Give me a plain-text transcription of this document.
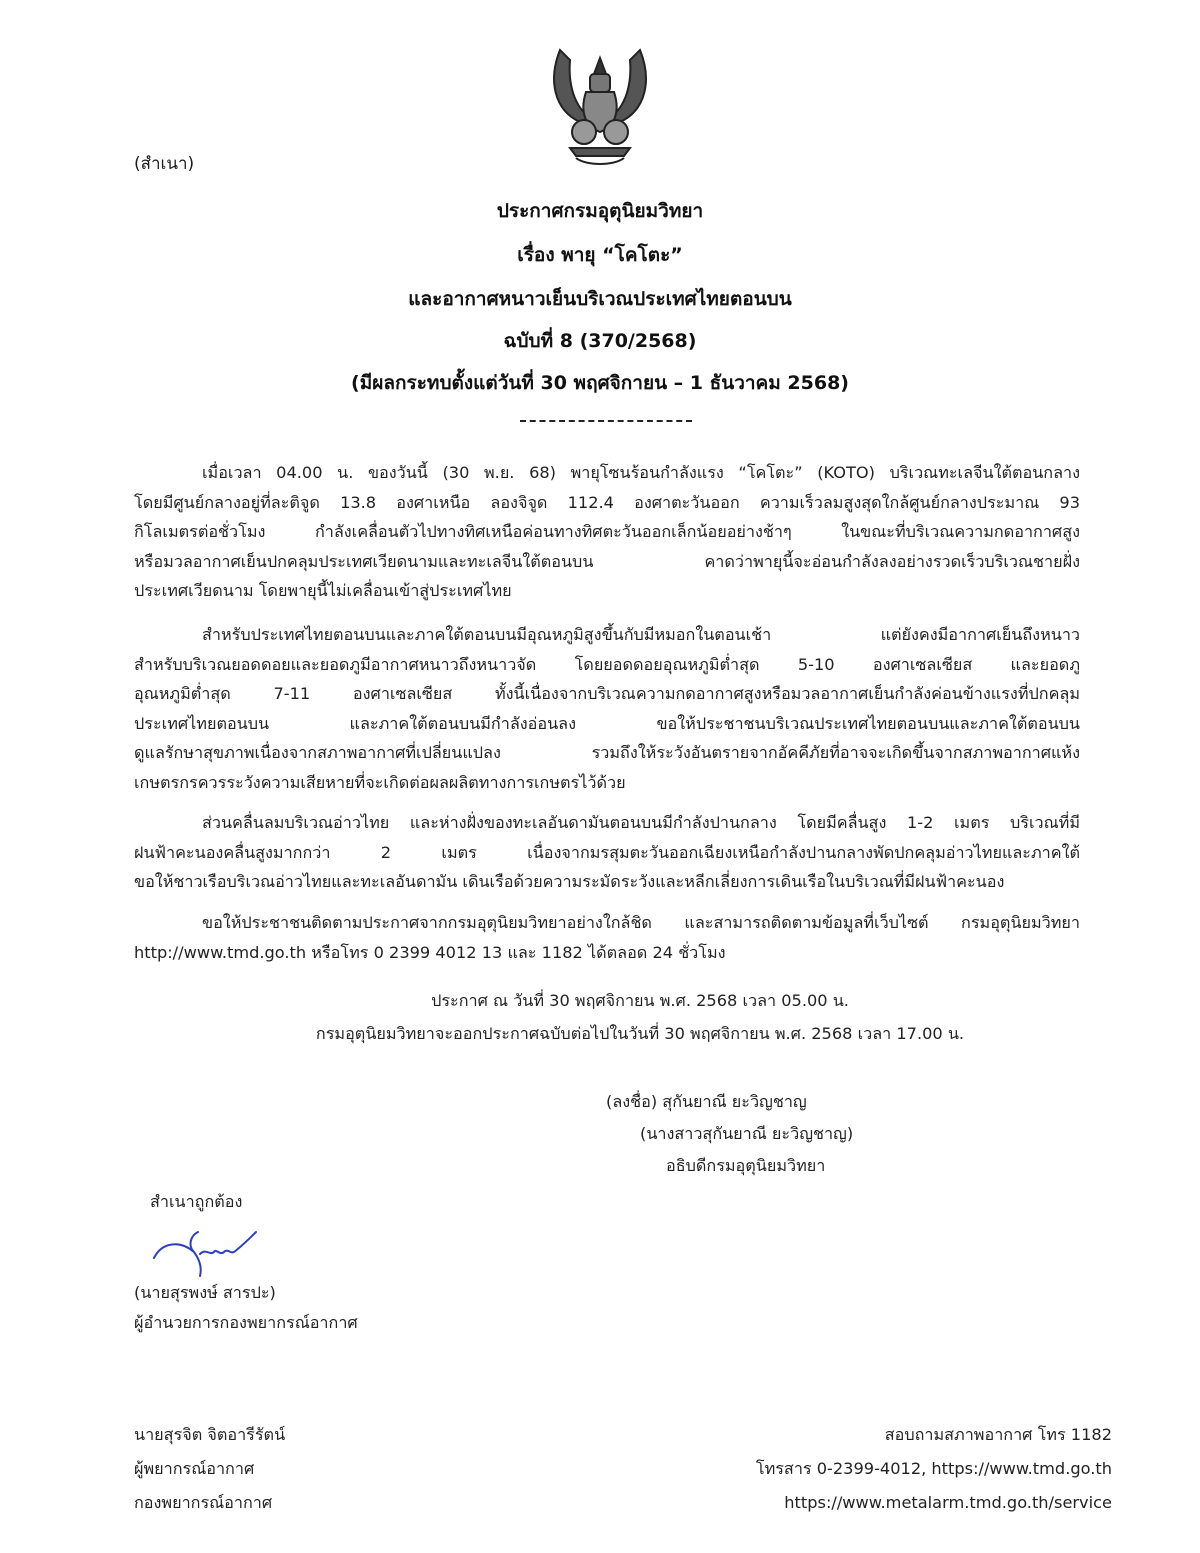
(สำเนา)
ประกาศกรมอุตุนิยมวิทยา
เรื่อง พายุ “โคโตะ”
และอากาศหนาวเย็นบริเวณประเทศไทยตอนบน
ฉบับที่ 8 (370/2568)
(มีผลกระทบตั้งแต่วันที่ 30 พฤศจิกายน – 1 ธันวาคม 2568)
เมื่อเวลา 04.00 น. ของวันนี้ (30 พ.ย. 68) พายุโซนร้อนกำลังแรง “โคโตะ” (KOTO) บริเวณทะเลจีนใต้ตอนกลาง
โดยมีศูนย์กลางอยู่ที่ละติจูด 13.8 องศาเหนือ ลองจิจูด 112.4 องศาตะวันออก ความเร็วลมสูงสุดใกล้ศูนย์กลางประมาณ 93
กิโลเมตรต่อชั่วโมง กำลังเคลื่อนตัวไปทางทิศเหนือค่อนทางทิศตะวันออกเล็กน้อยอย่างช้าๆ ในขณะที่บริเวณความกดอากาศสูง
หรือมวลอากาศเย็นปกคลุมประเทศเวียดนามและทะเลจีนใต้ตอนบน คาดว่าพายุนี้จะอ่อนกำลังลงอย่างรวดเร็วบริเวณชายฝั่ง
ประเทศเวียดนาม โดยพายุนี้ไม่เคลื่อนเข้าสู่ประเทศไทย
สำหรับประเทศไทยตอนบนและภาคใต้ตอนบนมีอุณหภูมิสูงขึ้นกับมีหมอกในตอนเช้า แต่ยังคงมีอากาศเย็นถึงหนาว
สำหรับบริเวณยอดดอยและยอดภูมีอากาศหนาวถึงหนาวจัด โดยยอดดอยอุณหภูมิต่ำสุด 5-10 องศาเซลเซียส และยอดภู
อุณหภูมิต่ำสุด 7-11 องศาเซลเซียส ทั้งนี้เนื่องจากบริเวณความกดอากาศสูงหรือมวลอากาศเย็นกำลังค่อนข้างแรงที่ปกคลุม
ประเทศไทยตอนบน และภาคใต้ตอนบนมีกำลังอ่อนลง ขอให้ประชาชนบริเวณประเทศไทยตอนบนและภาคใต้ตอนบน
ดูแลรักษาสุขภาพเนื่องจากสภาพอากาศที่เปลี่ยนแปลง รวมถึงให้ระวังอันตรายจากอัคคีภัยที่อาจจะเกิดขึ้นจากสภาพอากาศแห้ง
เกษตรกรควรระวังความเสียหายที่จะเกิดต่อผลผลิตทางการเกษตรไว้ด้วย
ส่วนคลื่นลมบริเวณอ่าวไทย และห่างฝั่งของทะเลอันดามันตอนบนมีกำลังปานกลาง โดยมีคลื่นสูง 1-2 เมตร บริเวณที่มี
ฝนฟ้าคะนองคลื่นสูงมากกว่า 2 เมตร เนื่องจากมรสุมตะวันออกเฉียงเหนือกำลังปานกลางพัดปกคลุมอ่าวไทยและภาคใต้
ขอให้ชาวเรือบริเวณอ่าวไทยและทะเลอันดามัน เดินเรือด้วยความระมัดระวังและหลีกเลี่ยงการเดินเรือในบริเวณที่มีฝนฟ้าคะนอง
ขอให้ประชาชนติดตามประกาศจากกรมอุตุนิยมวิทยาอย่างใกล้ชิด และสามารถติดตามข้อมูลที่เว็บไซต์ กรมอุตุนิยมวิทยา
http://www.tmd.go.th หรือโทร 0 2399 4012 13 และ 1182 ได้ตลอด 24 ชั่วโมง
ประกาศ ณ วันที่ 30 พฤศจิกายน พ.ศ. 2568 เวลา 05.00 น.
กรมอุตุนิยมวิทยาจะออกประกาศฉบับต่อไปในวันที่ 30 พฤศจิกายน พ.ศ. 2568 เวลา 17.00 น.
(ลงชื่อ) สุกันยาณี ยะวิญชาญ
(นางสาวสุกันยาณี ยะวิญชาญ)
อธิบดีกรมอุตุนิยมวิทยา
สำเนาถูกต้อง
(นายสุรพงษ์ สารปะ)
ผู้อำนวยการกองพยากรณ์อากาศ
นายสุรจิต จิตอารีรัตน์
ผู้พยากรณ์อากาศ
กองพยากรณ์อากาศ
สอบถามสภาพอากาศ โทร 1182
โทรสาร 0-2399-4012, https://www.tmd.go.th
https://www.metalarm.tmd.go.th/service
